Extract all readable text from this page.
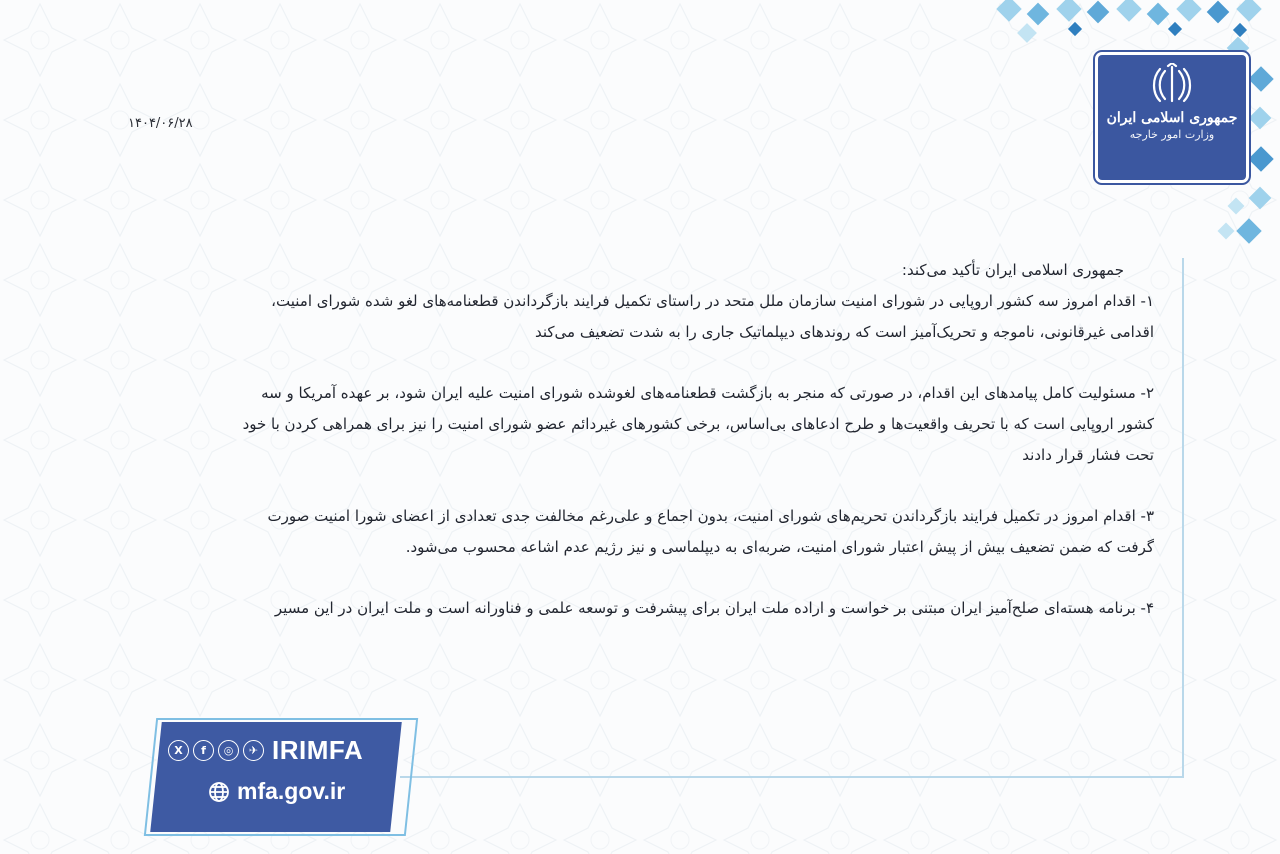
جمهوری اسلامی ایران
وزارت امور خارجه
۱۴۰۴/۰۶/۲۸

جمهوری اسلامی ایران تأکید می‌کند:

۱- اقدام امروز سه کشور اروپایی در شورای امنیت سازمان ملل متحد در راستای تکمیل فرایند بازگرداندن قطعنامه‌های لغو شده شورای امنیت،
اقدامی غیرقانونی، ناموجه و تحریک‌آمیز است که روندهای دیپلماتیک جاری را به شدت تضعیف می‌کند

۲- مسئولیت کامل پیامدهای این اقدام، در صورتی که منجر به بازگشت قطعنامه‌های لغوشده شورای امنیت علیه ایران شود، بر عهده آمریکا و سه
کشور اروپایی است که با تحریف واقعیت‌ها و طرح ادعاهای بی‌اساس، برخی کشورهای غیردائم عضو شورای امنیت را نیز برای همراهی کردن با خود
تحت فشار قرار دادند

۳- اقدام امروز در تکمیل فرایند بازگرداندن تحریم‌های شورای امنیت، بدون اجماع و علی‌رغم مخالفت جدی تعدادی از اعضای شورا امنیت صورت
گرفت که ضمن تضعیف بیش از پیش اعتبار شورای امنیت، ضربه‌ای به دیپلماسی و نیز رژیم عدم اشاعه محسوب می‌شود.

۴- برنامه هسته‌ای صلح‌آمیز ایران مبتنی بر خواست و اراده ملت ایران برای پیشرفت و توسعه علمی و فناورانه است و ملت ایران در این مسیر

X	f	◎	✈ IRIMFA
mfa.gov.ir
